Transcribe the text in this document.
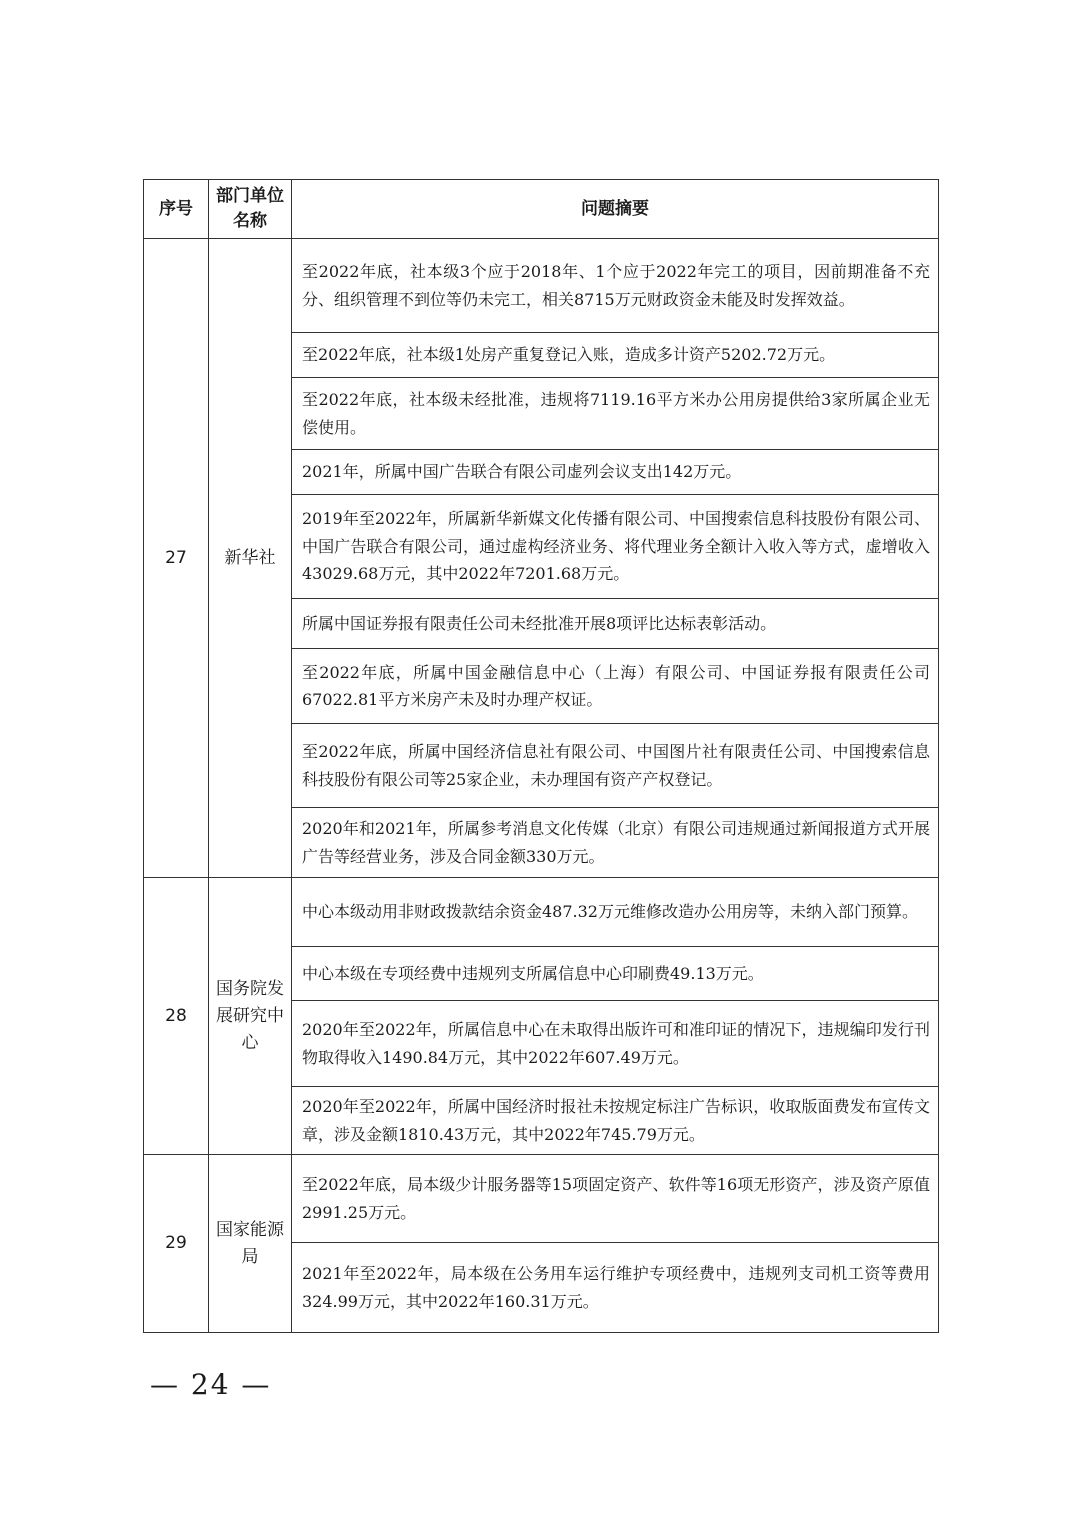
序号	部门单位名称	问题摘要
27	新华社	至2022年底，社本级3个应于2018年、1个应于2022年完工的项目，因前期准备不充分、组织管理不到位等仍未完工，相关8715万元财政资金未能及时发挥效益。
		至2022年底，社本级1处房产重复登记入账，造成多计资产5202.72万元。
		至2022年底，社本级未经批准，违规将7119.16平方米办公用房提供给3家所属企业无偿使用。
		2021年，所属中国广告联合有限公司虚列会议支出142万元。
		2019年至2022年，所属新华新媒文化传播有限公司、中国搜索信息科技股份有限公司、中国广告联合有限公司，通过虚构经济业务、将代理业务全额计入收入等方式，虚增收入43029.68万元，其中2022年7201.68万元。
		所属中国证券报有限责任公司未经批准开展8项评比达标表彰活动。
		至2022年底，所属中国金融信息中心（上海）有限公司、中国证券报有限责任公司67022.81平方米房产未及时办理产权证。
		至2022年底，所属中国经济信息社有限公司、中国图片社有限责任公司、中国搜索信息科技股份有限公司等25家企业，未办理国有资产产权登记。
		2020年和2021年，所属参考消息文化传媒（北京）有限公司违规通过新闻报道方式开展广告等经营业务，涉及合同金额330万元。
28	国务院发展研究中心	中心本级动用非财政拨款结余资金487.32万元维修改造办公用房等，未纳入部门预算。
		中心本级在专项经费中违规列支所属信息中心印刷费49.13万元。
		2020年至2022年，所属信息中心在未取得出版许可和准印证的情况下，违规编印发行刊物取得收入1490.84万元，其中2022年607.49万元。
		2020年至2022年，所属中国经济时报社未按规定标注广告标识，收取版面费发布宣传文章，涉及金额1810.43万元，其中2022年745.79万元。
29	国家能源局	至2022年底，局本级少计服务器等15项固定资产、软件等16项无形资产，涉及资产原值2991.25万元。
		2021年至2022年，局本级在公务用车运行维护专项经费中，违规列支司机工资等费用324.99万元，其中2022年160.31万元。
— 24 —
